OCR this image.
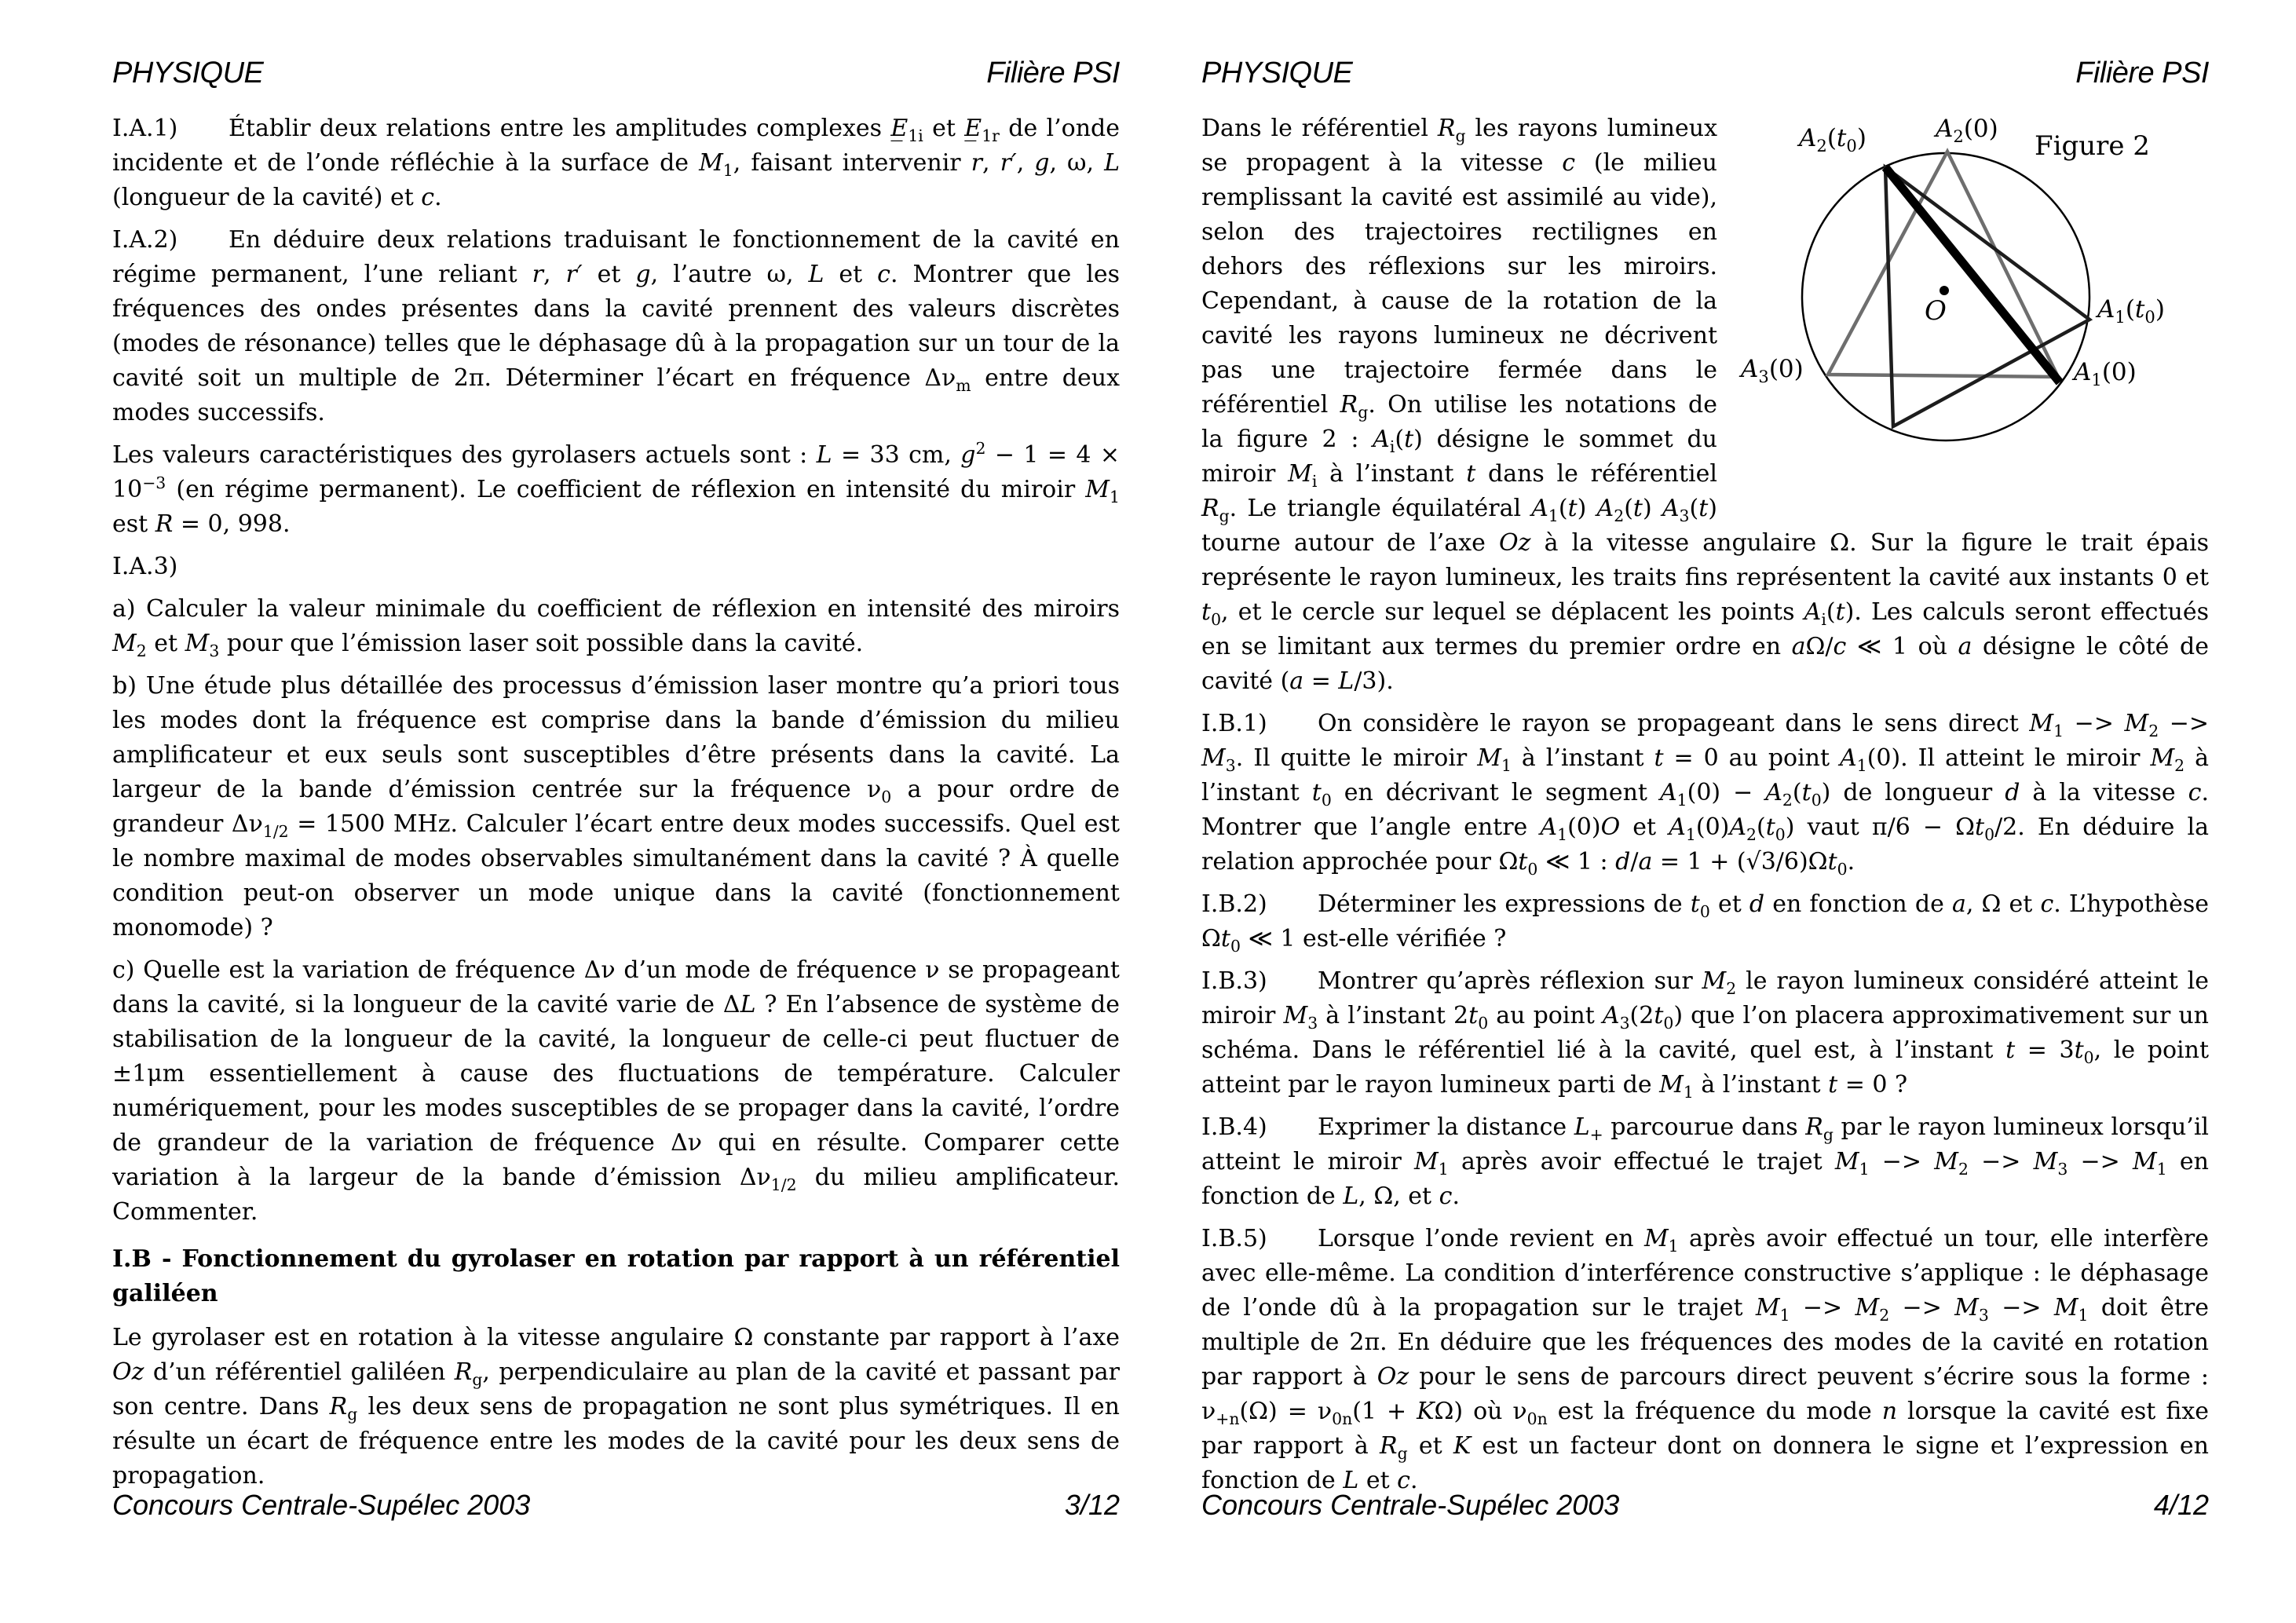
PHYSIQUE	Filière PSI

I.A.1) Établir deux relations entre les amplitudes complexes $E̲_{1i}$ et $E̲_{1r}$ de l’onde incidente et de l’onde réfléchie à la surface de $M_1$, faisant intervenir r, r′, g, ω, L (longueur de la cavité) et c.

I.A.2) En déduire deux relations traduisant le fonctionnement de la cavité en régime permanent, l’une reliant r, r′ et g, l’autre ω, L et c. Montrer que les fréquences des ondes présentes dans la cavité prennent des valeurs discrètes (modes de résonance) telles que le déphasage dû à la propagation sur un tour de la cavité soit un multiple de 2π. Déterminer l’écart en fréquence $\Delta\nu_m$ entre deux modes successifs.

Les valeurs caractéristiques des gyrolasers actuels sont : L = 33 cm, $g^2 - 1 = 4 \times 10^{-3}$ (en régime permanent). Le coefficient de réflexion en intensité du miroir $M_1$ est R = 0, 998.

I.A.3)

a) Calculer la valeur minimale du coefficient de réflexion en intensité des miroirs $M_2$ et $M_3$ pour que l’émission laser soit possible dans la cavité.

b) Une étude plus détaillée des processus d’émission laser montre qu’a priori tous les modes dont la fréquence est comprise dans la bande d’émission du milieu amplificateur et eux seuls sont susceptibles d’être présents dans la cavité. La largeur de la bande d’émission centrée sur la fréquence $\nu_0$ a pour ordre de grandeur $\Delta\nu_{1/2} = 1500$ MHz. Calculer l’écart entre deux modes successifs. Quel est le nombre maximal de modes observables simultanément dans la cavité ? À quelle condition peut-on observer un mode unique dans la cavité (fonctionnement monomode) ?

c) Quelle est la variation de fréquence Δν d’un mode de fréquence ν se propageant dans la cavité, si la longueur de la cavité varie de ΔL ? En l’absence de système de stabilisation de la longueur de la cavité, la longueur de celle-ci peut fluctuer de ±1μm essentiellement à cause des fluctuations de température. Calculer numériquement, pour les modes susceptibles de se propager dans la cavité, l’ordre de grandeur de la variation de fréquence Δν qui en résulte. Comparer cette variation à la largeur de la bande d’émission $\Delta\nu_{1/2}$ du milieu amplificateur. Commenter.

I.B - Fonctionnement du gyrolaser en rotation par rapport à un référentiel galiléen

Le gyrolaser est en rotation à la vitesse angulaire Ω constante par rapport à l’axe Oz d’un référentiel galiléen $R_g$, perpendiculaire au plan de la cavité et passant par son centre. Dans $R_g$ les deux sens de propagation ne sont plus symétriques. Il en résulte un écart de fréquence entre les modes de la cavité pour les deux sens de propagation.

Concours Centrale-Supélec 2003	3/12
PHYSIQUE	Filière PSI
$A_2(t_0)$	$A_2(0)$
$A_1(t_0)$
$A_3(0)$	$A_1(0)$
O
Figure 2

Dans le référentiel $R_g$ les rayons lumineux se propagent à la vitesse c (le milieu remplissant la cavité est assimilé au vide), selon des trajectoires rectilignes en dehors des réflexions sur les miroirs. Cependant, à cause de la rotation de la cavité les rayons lumineux ne décrivent pas une trajectoire fermée dans le référentiel $R_g$. On utilise les notations de la figure 2 : $A_i(t)$ désigne le sommet du miroir $M_i$ à l’instant t dans le référentiel $R_g$. Le triangle équilatéral $A_1(t)$ $A_2(t)$ $A_3(t)$ tourne autour de l’axe Oz à la vitesse angulaire Ω. Sur la figure le trait épais représente le rayon lumineux, les traits fins représentent la cavité aux instants 0 et $t_0$, et le cercle sur lequel se déplacent les points $A_i(t)$. Les calculs seront effectués en se limitant aux termes du premier ordre en aΩ/c ≪ 1 où a désigne le côté de cavité (a = L/3).

I.B.1) On considère le rayon se propageant dans le sens direct $M_1 -> M_2 -> M_3$. Il quitte le miroir $M_1$ à l’instant t = 0 au point $A_1(0)$. Il atteint le miroir $M_2$ à l’instant $t_0$ en décrivant le segment $A_1(0) - A_2(t_0)$ de longueur d à la vitesse c. Montrer que l’angle entre $A_1(0)O$ et $A_1(0)A_2(t_0)$ vaut $\pi/6 - \Omega t_0/2$. En déduire la relation approchée pour $\Omega t_0$ ≪ 1 : $d/a = 1 + (√3/6)\Omega t_0$.

I.B.2) Déterminer les expressions de $t_0$ et d en fonction de a, Ω et c. L’hypothèse $\Omega t_0$ ≪ 1 est-elle vérifiée ?

I.B.3) Montrer qu’après réflexion sur $M_2$ le rayon lumineux considéré atteint le miroir $M_3$ à l’instant $2t_0$ au point $A_3(2t_0)$ que l’on placera approximativement sur un schéma. Dans le référentiel lié à la cavité, quel est, à l’instant $t = 3t_0$, le point atteint par le rayon lumineux parti de $M_1$ à l’instant t = 0 ?

I.B.4) Exprimer la distance $L_+$ parcourue dans $R_g$ par le rayon lumineux lorsqu’il atteint le miroir $M_1$ après avoir effectué le trajet $M_1 -> M_2 -> M_3 -> M_1$ en fonction de L, Ω, et c.

I.B.5) Lorsque l’onde revient en $M_1$ après avoir effectué un tour, elle interfère avec elle-même. La condition d’interférence constructive s’applique : le déphasage de l’onde dû à la propagation sur le trajet $M_1 -> M_2 -> M_3 -> M_1$ doit être multiple de 2π. En déduire que les fréquences des modes de la cavité en rotation par rapport à Oz pour le sens de parcours direct peuvent s’écrire sous la forme : $\nu_{+n}(\Omega) = \nu_{0n}(1 + K\Omega)$ où $\nu_{0n}$ est la fréquence du mode n lorsque la cavité est fixe par rapport à $R_g$ et K est un facteur dont on donnera le signe et l’expression en fonction de L et c.

Concours Centrale-Supélec 2003	4/12
